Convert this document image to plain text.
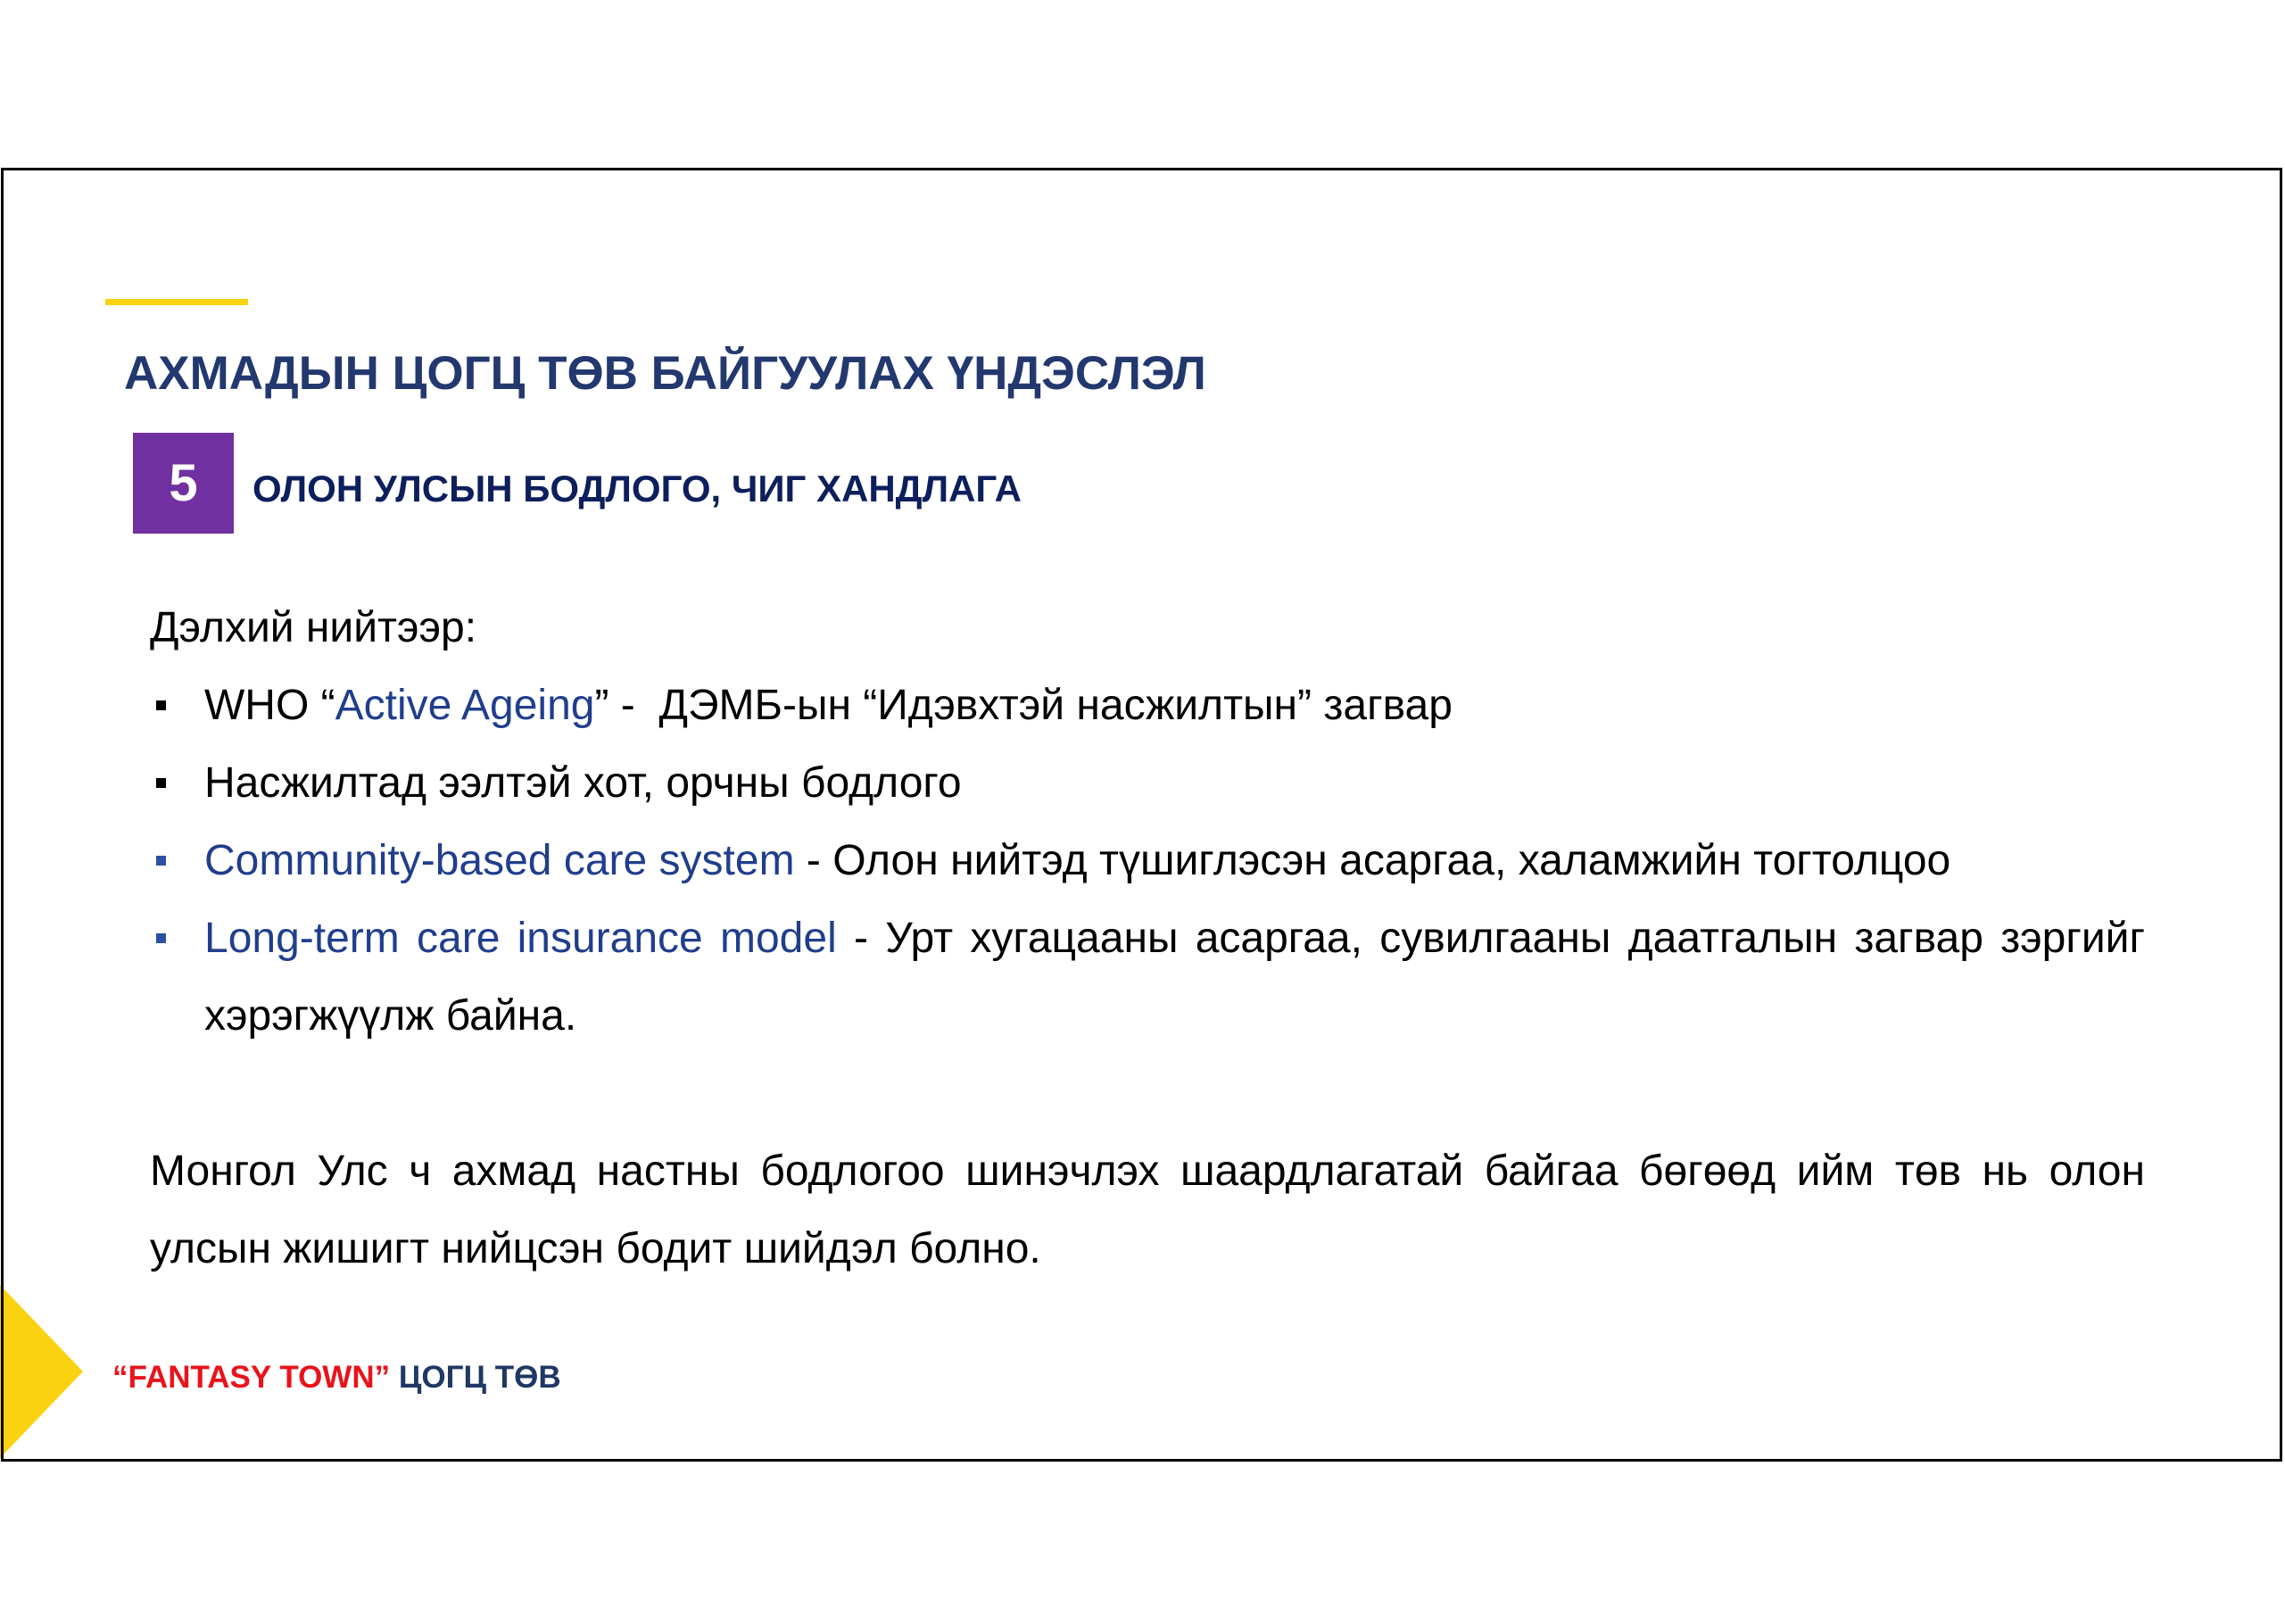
АХМАДЫН ЦОГЦ ТӨВ БАЙГУУЛАХ ҮНДЭСЛЭЛ
5 ОЛОН УЛСЫН БОДЛОГО, ЧИГ ХАНДЛАГА
Дэлхий нийтээр:
WHO “Active Ageing” -  ДЭМБ-ын “Идэвхтэй насжилтын” загвар
Насжилтад ээлтэй хот, орчны бодлого
Community-based care system - Олон нийтэд түшиглэсэн асаргаа, халамжийн тогтолцоо
Long-term care insurance model - Урт хугацааны асаргаа, сувилгааны даатгалын загвар зэргийг
хэрэгжүүлж байна.
Монгол Улс ч ахмад настны бодлогоо шинэчлэх шаардлагатай байгаа бөгөөд ийм төв нь олон
улсын жишигт нийцсэн бодит шийдэл болно.
“FANTASY TOWN” ЦОГЦ ТӨВ
